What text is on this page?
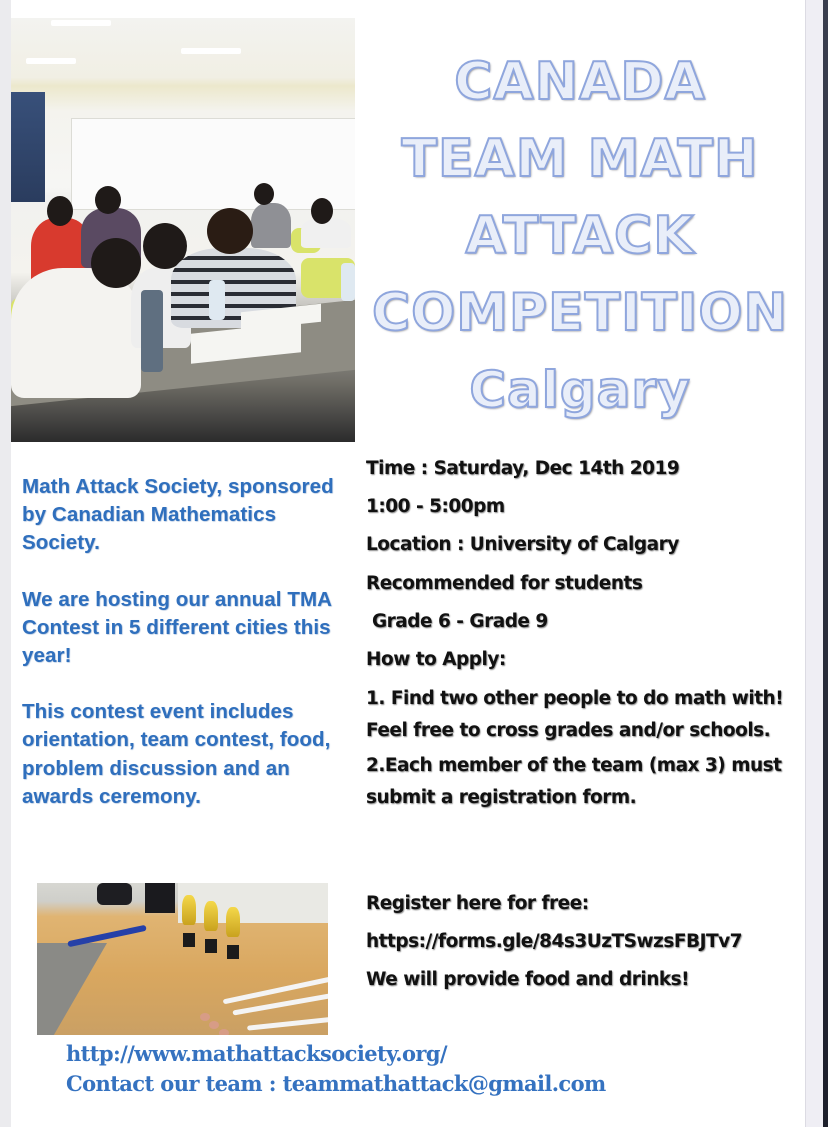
CANADA
TEAM MATH
ATTACK
COMPETITION
Calgary

Math Attack Society, sponsored by Canadian Mathematics Society.

We are hosting our annual TMA Contest in 5 different cities this year!

This contest event includes orientation, team contest, food, problem discussion and an awards ceremony.

Time : Saturday, Dec 14th 2019
1:00 - 5:00pm
Location : University of Calgary
Recommended for students
Grade 6 - Grade 9
How to Apply:
1. Find two other people to do math with! Feel free to cross grades and/or schools.
2.Each member of the team (max 3) must submit a registration form.
Register here for free:
https://forms.gle/84s3UzTSwzsFBJTv7
We will provide food and drinks!
http://www.mathattacksociety.org/
Contact our team : teammathattack@gmail.com
